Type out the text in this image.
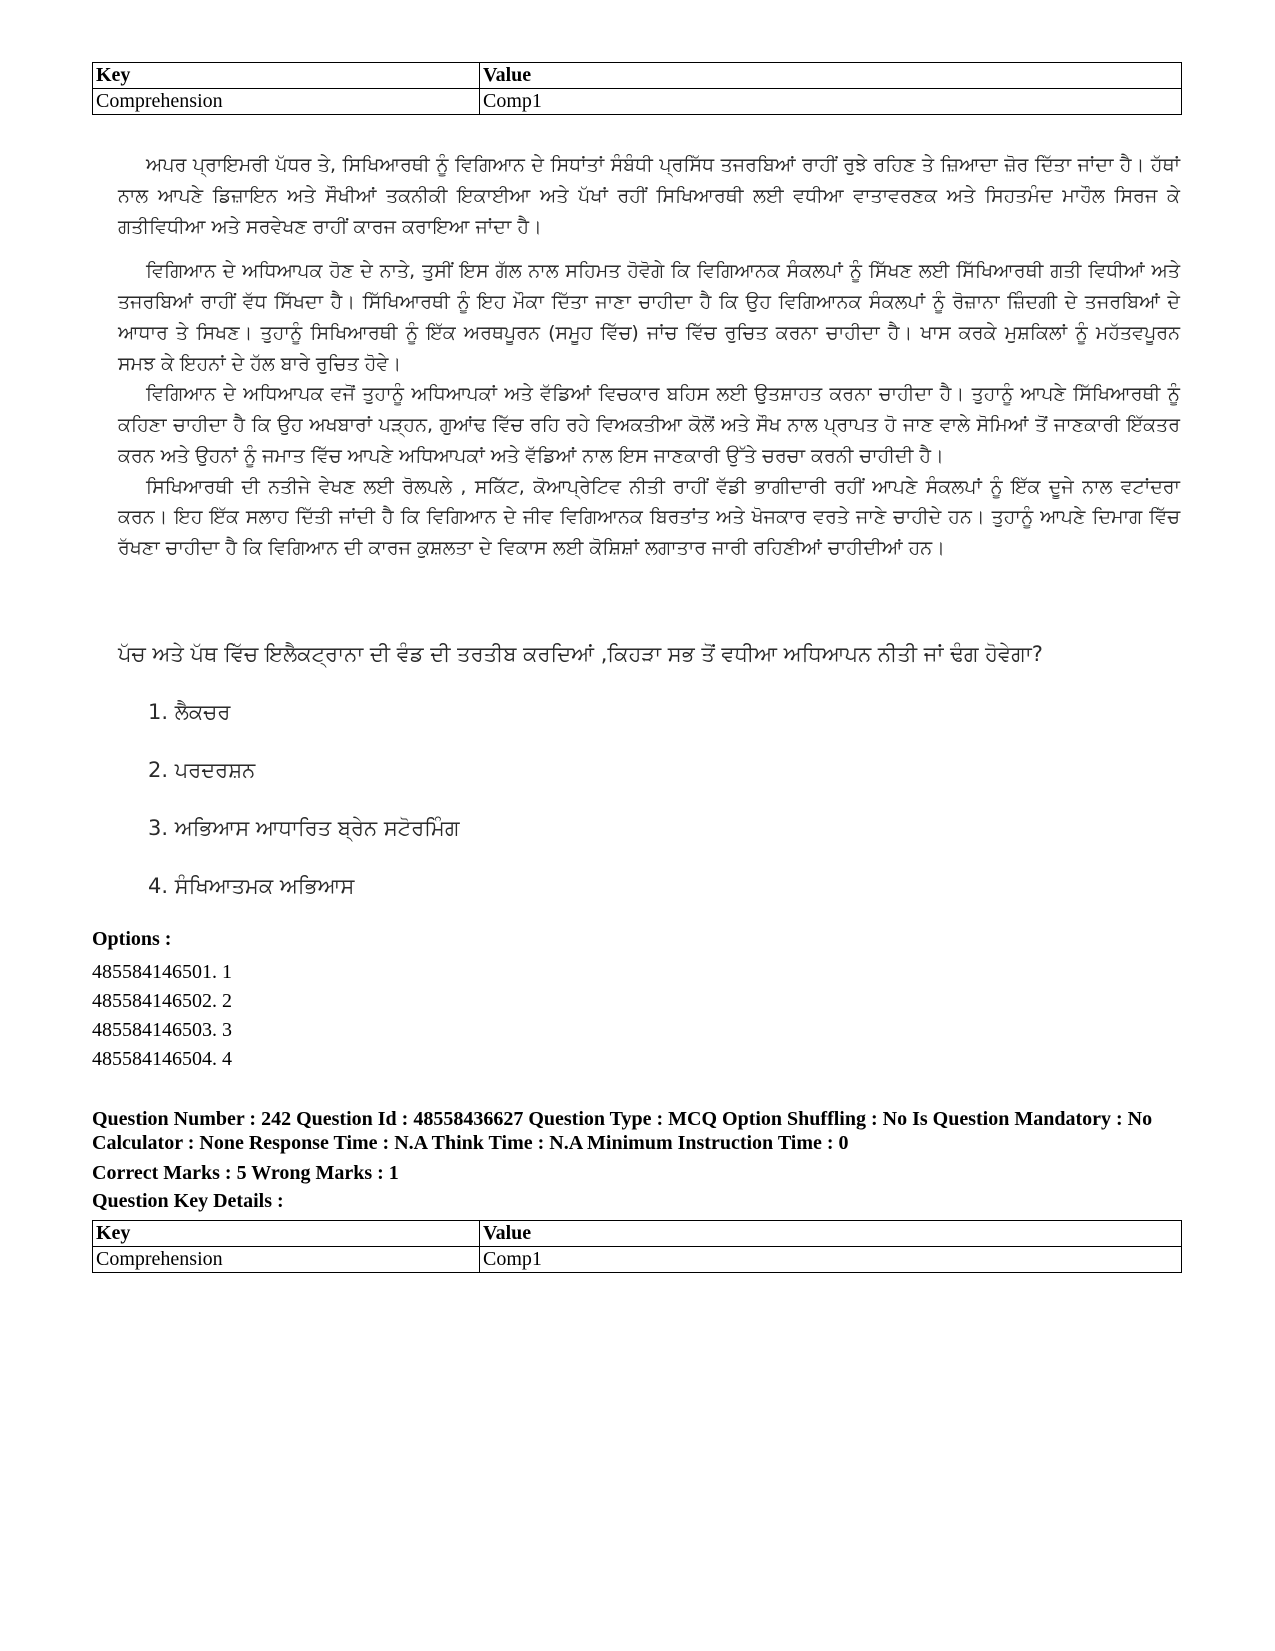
Key	Value
Comprehension	Comp1

ਅਪਰ ਪ੍ਰਾਇਮਰੀ ਪੱਧਰ ਤੇ, ਸਿਖਿਆਰਥੀ ਨੂੰ ਵਿਗਿਆਨ ਦੇ ਸਿਧਾਂਤਾਂ ਸੰਬੰਧੀ ਪ੍ਰਸਿੱਧ ਤਜਰਬਿਆਂ ਰਾਹੀਂ ਰੁਝੇ ਰਹਿਣ ਤੇ ਜ਼ਿਆਦਾ ਜ਼ੋਰ ਦਿੱਤਾ ਜਾਂਦਾ ਹੈ। ਹੱਥਾਂ ਨਾਲ ਆਪਣੇ ਡਿਜ਼ਾਇਨ ਅਤੇ ਸੌਖੀਆਂ ਤਕਨੀਕੀ ਇਕਾਈਆ ਅਤੇ ਪੱਖਾਂ ਰਹੀਂ ਸਿਖਿਆਰਥੀ ਲਈ ਵਧੀਆ ਵਾਤਾਵਰਣਕ ਅਤੇ ਸਿਹਤਮੰਦ ਮਾਹੌਲ ਸਿਰਜ ਕੇ ਗਤੀਵਿਧੀਆ ਅਤੇ ਸਰਵੇਖਣ ਰਾਹੀਂ ਕਾਰਜ ਕਰਾਇਆ ਜਾਂਦਾ ਹੈ।

ਵਿਗਿਆਨ ਦੇ ਅਧਿਆਪਕ ਹੋਣ ਦੇ ਨਾਤੇ, ਤੁਸੀਂ ਇਸ ਗੱਲ ਨਾਲ ਸਹਿਮਤ ਹੋਵੋਗੇ ਕਿ ਵਿਗਿਆਨਕ ਸੰਕਲਪਾਂ ਨੂੰ ਸਿੱਖਣ ਲਈ ਸਿੱਖਿਆਰਥੀ ਗਤੀ ਵਿਧੀਆਂ ਅਤੇ ਤਜਰਬਿਆਂ ਰਾਹੀਂ ਵੱਧ ਸਿੱਖਦਾ ਹੈ। ਸਿੱਖਿਆਰਥੀ ਨੂੰ ਇਹ ਮੌਕਾ ਦਿੱਤਾ ਜਾਣਾ ਚਾਹੀਦਾ ਹੈ ਕਿ ਉਹ ਵਿਗਿਆਨਕ ਸੰਕਲਪਾਂ ਨੂੰ ਰੋਜ਼ਾਨਾ ਜ਼ਿੰਦਗੀ ਦੇ ਤਜਰਬਿਆਂ ਦੇ ਆਧਾਰ ਤੇ ਸਿਖਣ। ਤੁਹਾਨੂੰ ਸਿਖਿਆਰਥੀ ਨੂੰ ਇੱਕ ਅਰਥਪੂਰਨ (ਸਮੂਹ ਵਿੱਚ) ਜਾਂਚ ਵਿੱਚ ਰੁਚਿਤ ਕਰਨਾ ਚਾਹੀਦਾ ਹੈ। ਖਾਸ ਕਰਕੇ ਮੁਸ਼ਕਿਲਾਂ ਨੂੰ ਮਹੱਤਵਪੂਰਨ ਸਮਝ ਕੇ ਇਹਨਾਂ ਦੇ ਹੱਲ ਬਾਰੇ ਰੁਚਿਤ ਹੋਵੇ।

ਵਿਗਿਆਨ ਦੇ ਅਧਿਆਪਕ ਵਜੋਂ ਤੁਹਾਨੂੰ ਅਧਿਆਪਕਾਂ ਅਤੇ ਵੱਡਿਆਂ ਵਿਚਕਾਰ ਬਹਿਸ ਲਈ ਉਤਸ਼ਾਹਤ ਕਰਨਾ ਚਾਹੀਦਾ ਹੈ। ਤੁਹਾਨੂੰ ਆਪਣੇ ਸਿੱਖਿਆਰਥੀ ਨੂੰ ਕਹਿਣਾ ਚਾਹੀਦਾ ਹੈ ਕਿ ਉਹ ਅਖਬਾਰਾਂ ਪੜ੍ਹਨ, ਗੁਆਂਢ ਵਿੱਚ ਰਹਿ ਰਹੇ ਵਿਅਕਤੀਆ ਕੋਲੋਂ ਅਤੇ ਸੌਖ ਨਾਲ ਪ੍ਰਾਪਤ ਹੋ ਜਾਣ ਵਾਲੇ ਸੋਮਿਆਂ ਤੋਂ ਜਾਣਕਾਰੀ ਇੱਕਤਰ ਕਰਨ ਅਤੇ ਉਹਨਾਂ ਨੂੰ ਜਮਾਤ ਵਿੱਚ ਆਪਣੇ ਅਧਿਆਪਕਾਂ ਅਤੇ ਵੱਡਿਆਂ ਨਾਲ ਇਸ ਜਾਣਕਾਰੀ ਉੱਤੇ ਚਰਚਾ ਕਰਨੀ ਚਾਹੀਦੀ ਹੈ।

ਸਿਖਿਆਰਥੀ ਦੀ ਨਤੀਜੇ ਵੇਖਣ ਲਈ ਰੋਲਪਲੇ , ਸਕਿੱਟ, ਕੋਆਪ੍ਰੇਟਿਵ ਨੀਤੀ ਰਾਹੀਂ ਵੱਡੀ ਭਾਗੀਦਾਰੀ ਰਹੀਂ ਆਪਣੇ ਸੰਕਲਪਾਂ ਨੂੰ ਇੱਕ ਦੂਜੇ ਨਾਲ ਵਟਾਂਦਰਾ ਕਰਨ। ਇਹ ਇੱਕ ਸਲਾਹ ਦਿੱਤੀ ਜਾਂਦੀ ਹੈ ਕਿ ਵਿਗਿਆਨ ਦੇ ਜੀਵ ਵਿਗਿਆਨਕ ਬਿਰਤਾਂਤ ਅਤੇ ਖੋਜਕਾਰ ਵਰਤੇ ਜਾਣੇ ਚਾਹੀਦੇ ਹਨ। ਤੁਹਾਨੂੰ ਆਪਣੇ ਦਿਮਾਗ ਵਿੱਚ ਰੱਖਣਾ ਚਾਹੀਦਾ ਹੈ ਕਿ ਵਿਗਿਆਨ ਦੀ ਕਾਰਜ ਕੁਸ਼ਲਤਾ ਦੇ ਵਿਕਾਸ ਲਈ ਕੋਸ਼ਿਸ਼ਾਂ ਲਗਾਤਾਰ ਜਾਰੀ ਰਹਿਣੀਆਂ ਚਾਹੀਦੀਆਂ ਹਨ।

ਪੱਚ ਅਤੇ ਪੱਥ ਵਿੱਚ ਇਲੈਕਟ੍ਰਾਨਾ ਦੀ ਵੰਡ ਦੀ ਤਰਤੀਬ ਕਰਦਿਆਂ ,ਕਿਹੜਾ ਸਭ ਤੋਂ ਵਧੀਆ ਅਧਿਆਪਨ ਨੀਤੀ ਜਾਂ ਢੰਗ ਹੋਵੇਗਾ?
1. ਲੈਕਚਰ
2. ਪਰਦਰਸ਼ਨ
3. ਅਭਿਆਸ ਆਧਾਰਿਤ ਬ੍ਰੇਨ ਸਟੋਰਮਿੰਗ
4. ਸੰਖਿਆਤਮਕ ਅਭਿਆਸ
Options :
485584146501. 1
485584146502. 2
485584146503. 3
485584146504. 4
Question Number : 242 Question Id : 48558436627 Question Type : MCQ Option Shuffling : No Is Question Mandatory : No Calculator : None Response Time : N.A Think Time : N.A Minimum Instruction Time : 0
Correct Marks : 5 Wrong Marks : 1
Question Key Details :
Key	Value
Comprehension	Comp1
